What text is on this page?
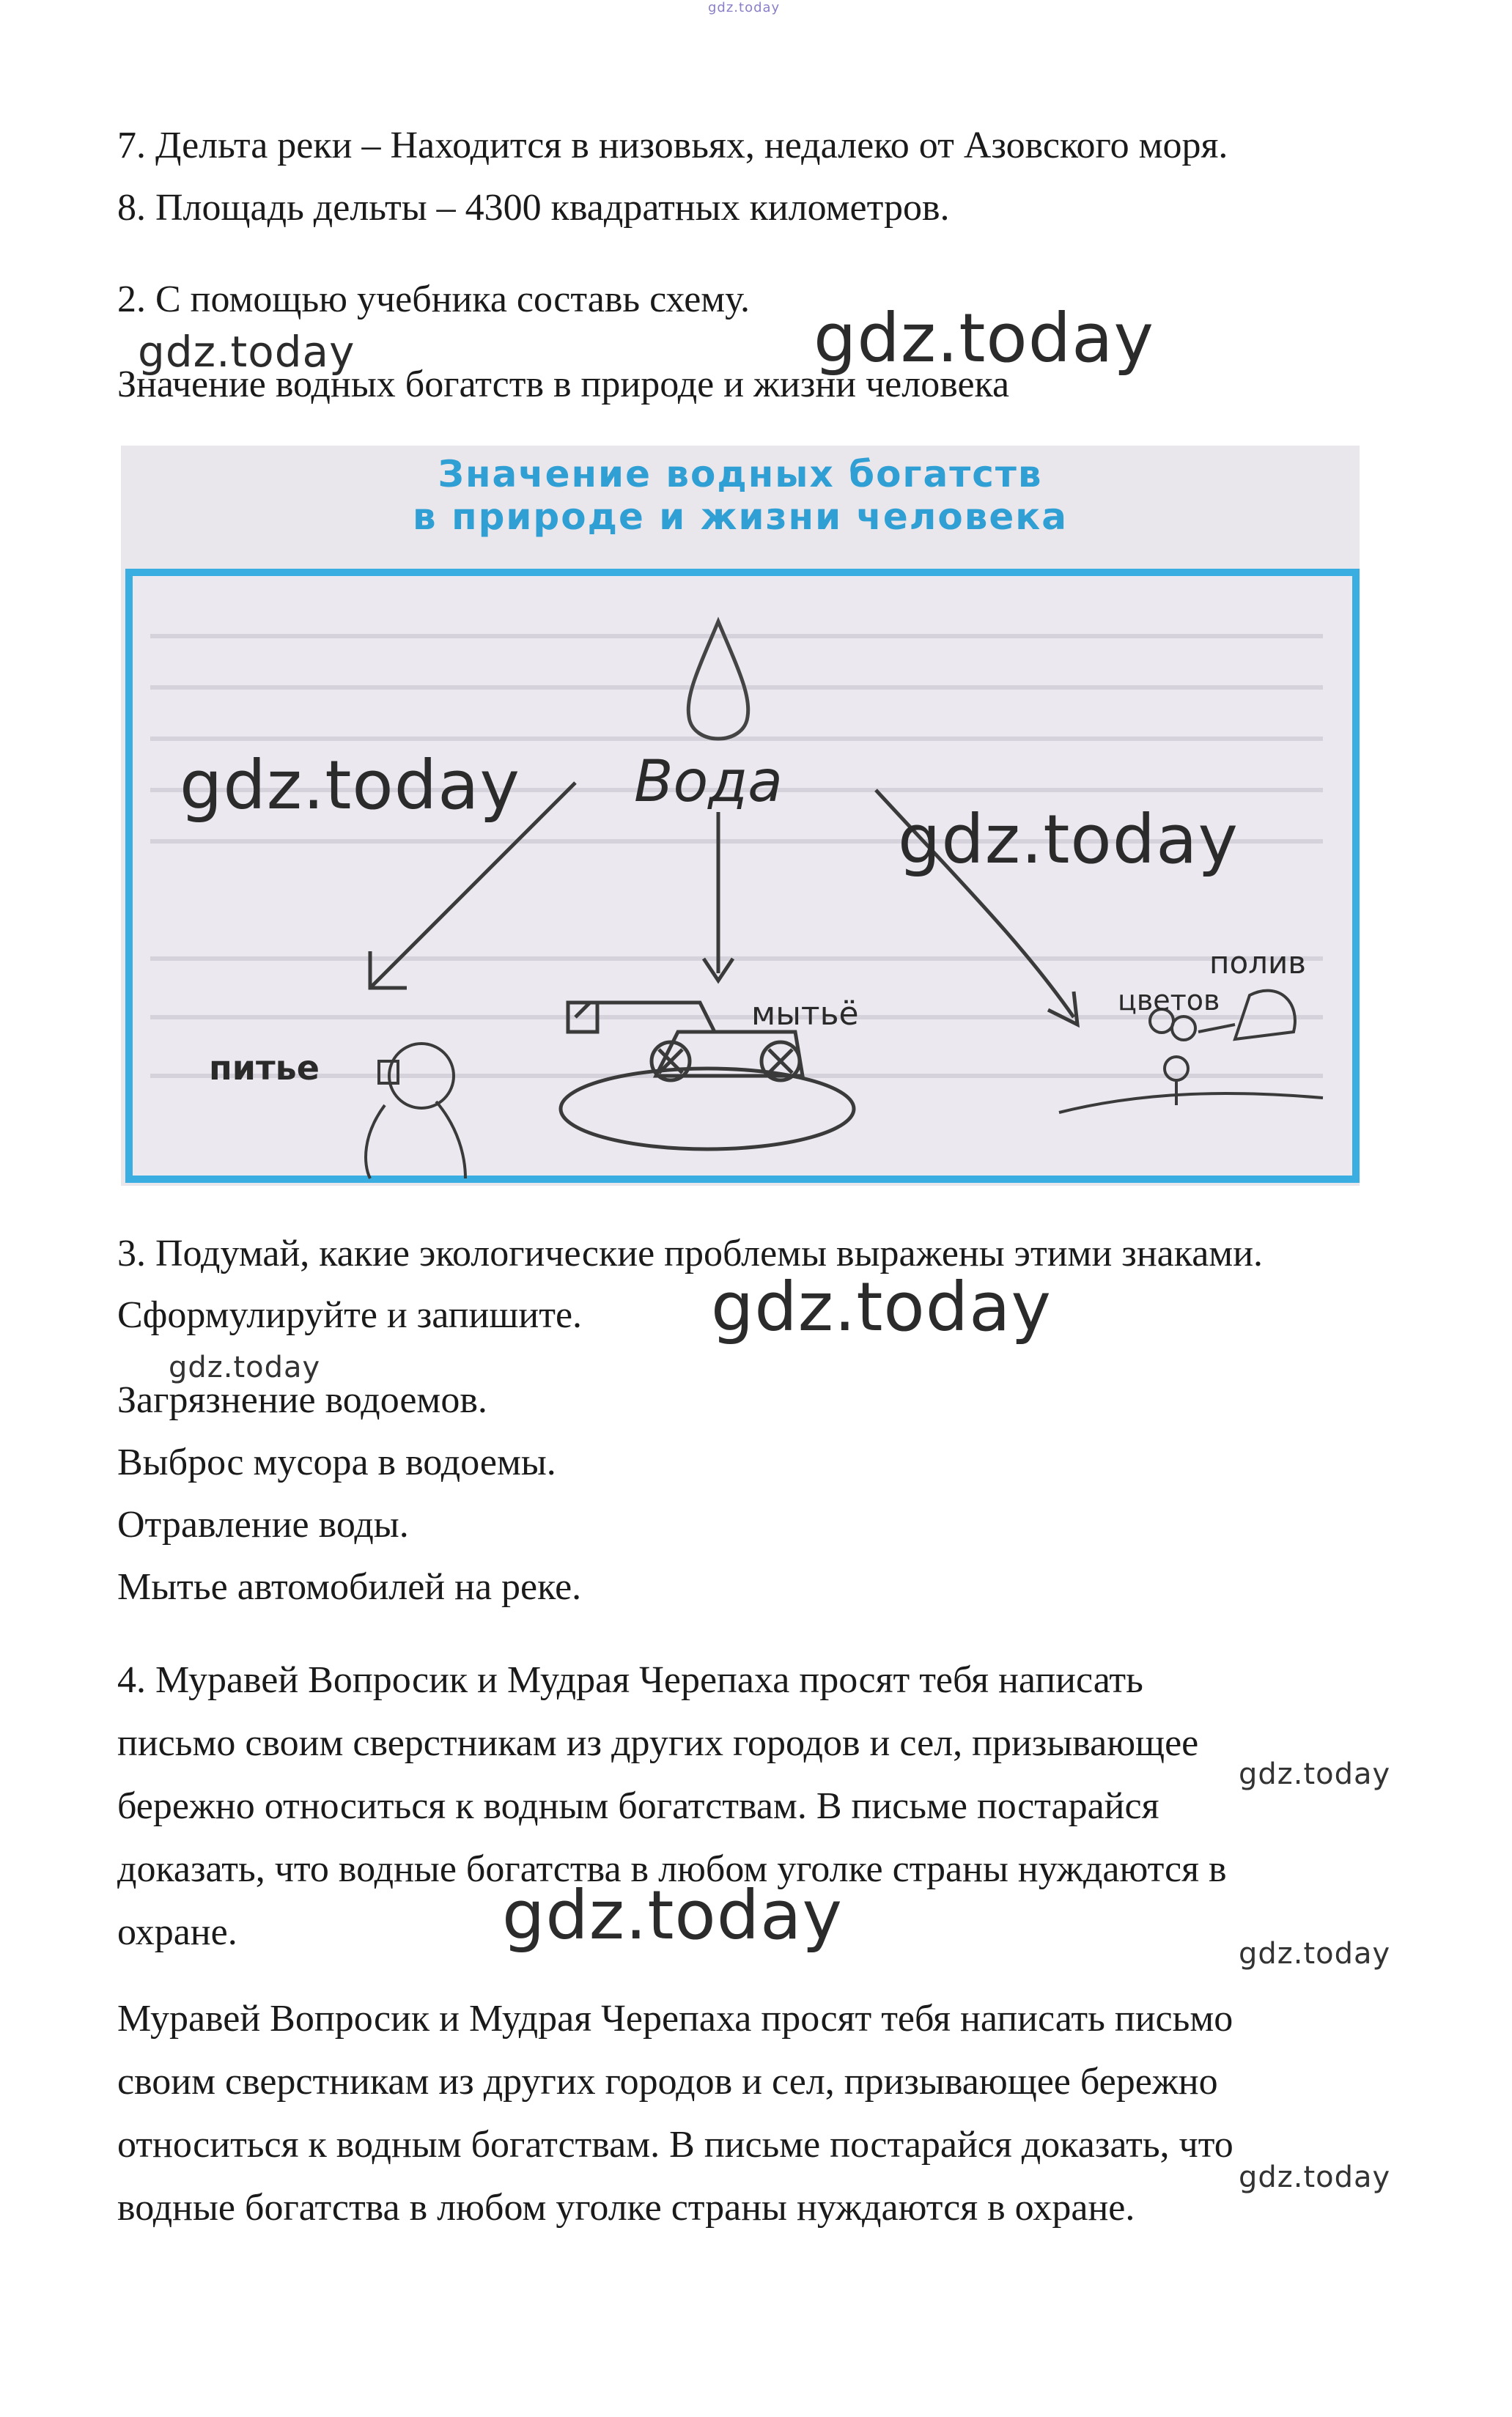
gdz.today
7. Дельта реки – Находится в низовьях, недалеко от Азовского моря.
8. Площадь дельты – 4300 квадратных километров.
2. С помощью учебника составь схему.
Значение водных богатств в природе и жизни человека
gdz.today
gdz.today
Значение водных богатств
в природе и жизни человека
Вода
питье
мытьё
полив
цветов
gdz.today
gdz.today
3. Подумай, какие экологические проблемы выражены этими знаками.
Сформулируйте и запишите. gdz.today
gdz.today
Загрязнение водоемов.
Выброс мусора в водоемы.
Отравление воды.
Мытье автомобилей на реке.
4. Муравей Вопросик и Мудрая Черепаха просят тебя написать
письмо своим сверстникам из других городов и сел, призывающее
бережно относиться к водным богатствам. В письме постарайся
доказать, что водные богатства в любом уголке страны нуждаются в
охране.
gdz.today
gdz.today	gdz.today
Муравей Вопросик и Мудрая Черепаха просят тебя написать письмо
своим сверстникам из других городов и сел, призывающее бережно
относиться к водным богатствам. В письме постарайся доказать, что
водные богатства в любом уголке страны нуждаются в охране.
gdz.today
